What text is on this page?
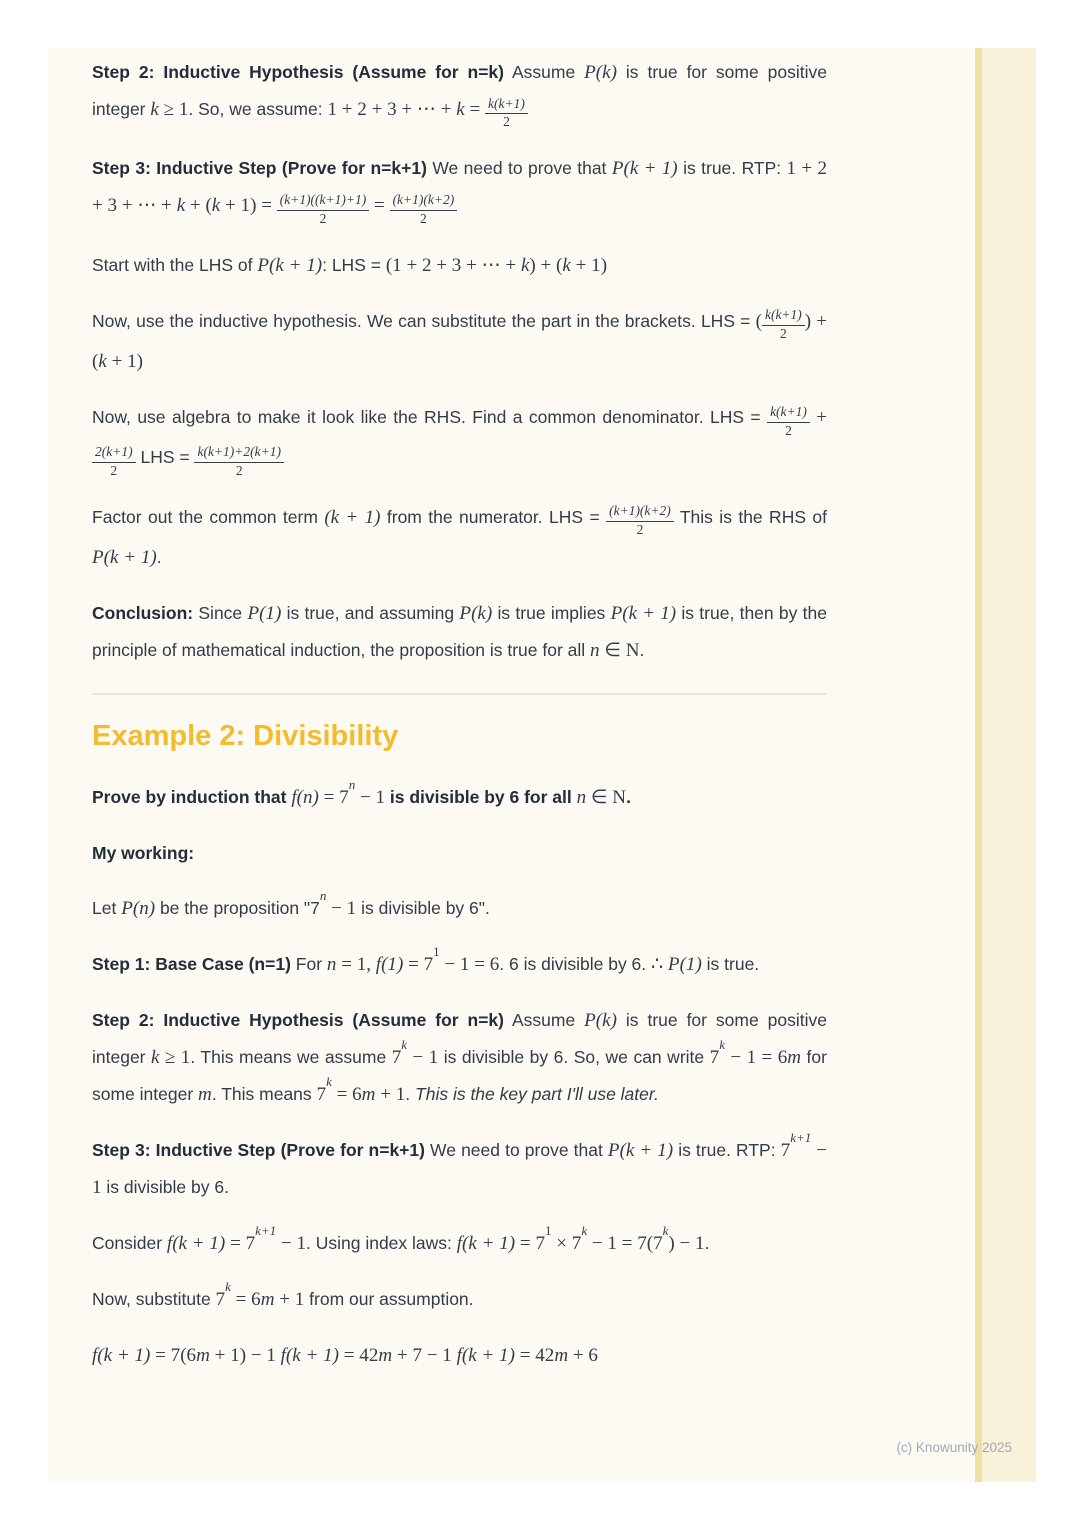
Step 2: Inductive Hypothesis (Assume for n=k) Assume P(k) is true for some positive integer k ≥ 1. So, we assume: 1 + 2 + 3 + ⋯ + $k = \frac{k(k+1)}{2}$

Step 3: Inductive Step (Prove for n=k+1) We need to prove that P(k + 1) is true. RTP: 1 + 2 + 3 + ⋯ + $k + (k + 1) = \frac{(k+1)((k+1)+1)}{2} = \frac{(k+1)(k+2)}{2}$

Start with the LHS of P(k + 1): LHS = (1 + 2 + 3 + ⋯ + k) + (k + 1)

Now, use the inductive hypothesis. We can substitute the part in the brackets. LHS = ( $\frac{k(k+1)}{2}$ ) + (k + 1)

Now, use algebra to make it look like the RHS. Find a common denominator. LHS = $\frac{k(k+1)}{2}$ +
$\frac{2(k+1)}{2}$ LHS = $\frac{k(k+1)+2(k+1)}{2}$

Factor out the common term (k + 1) from the numerator. LHS = $\frac{(k+1)(k+2)}{2}$ This is the RHS of P(k + 1).

Conclusion: Since P(1) is true, and assuming P(k) is true implies P(k + 1) is true, then by the principle of mathematical induction, the proposition is true for all n ∈ N.

Example 2: Divisibility

Prove by induction that $f(n) = 7^n - 1$ is divisible by 6 for all n ∈ N.

My working:

Let P(n) be the proposition "$7^n - 1$ is divisible by 6".

Step 1: Base Case (n=1) For n = 1, $f(1) = 7^1 - 1 = 6$. 6 is divisible by 6. ∴ P(1) is true.

Step 2: Inductive Hypothesis (Assume for n=k) Assume P(k) is true for some positive integer k ≥ 1. This means we assume $7^k - 1$ is divisible by 6. So, we can write $7^k - 1 = 6m$ for some integer m. This means $7^k = 6m + 1$. This is the key part I'll use later.

Step 3: Inductive Step (Prove for n=k+1) We need to prove that P(k + 1) is true. RTP: $7^{k+1} - 1$ is divisible by 6.

Consider $f(k + 1) = 7^{k+1} - 1$. Using index laws: $f(k + 1) = 7^1 \times 7^k - 1 = 7(7^k) - 1$.

Now, substitute $7^k = 6m + 1$ from our assumption.

f(k + 1) = 7(6m + 1) − 1 f(k + 1) = 42m + 7 − 1 f(k + 1) = 42m + 6

(c) Knowunity 2025
